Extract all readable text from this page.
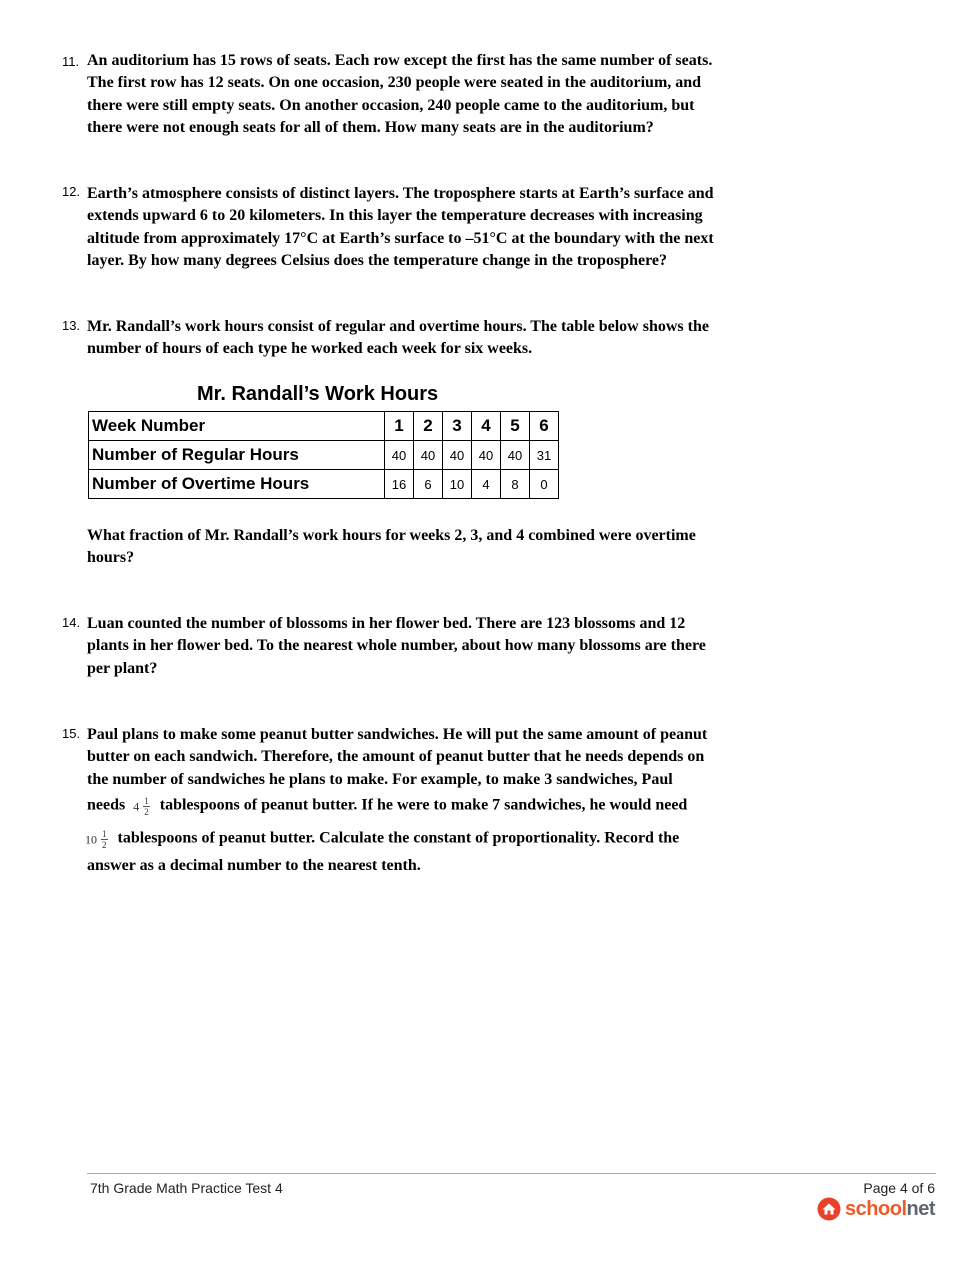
11. An auditorium has 15 rows of seats. Each row except the first has the same number of seats.
The first row has 12 seats. On one occasion, 230 people were seated in the auditorium, and
there were still empty seats. On another occasion, 240 people came to the auditorium, but
there were not enough seats for all of them. How many seats are in the auditorium?
12. Earth’s atmosphere consists of distinct layers. The troposphere starts at Earth’s surface and
extends upward 6 to 20 kilometers. In this layer the temperature decreases with increasing
altitude from approximately 17°C at Earth’s surface to –51°C at the boundary with the next
layer. By how many degrees Celsius does the temperature change in the troposphere?
13. Mr. Randall’s work hours consist of regular and overtime hours. The table below shows the
number of hours of each type he worked each week for six weeks.
Mr. Randall’s Work Hours
Week Number	1	2	3	4	5	6
Number of Regular Hours	40	40	40	40	40	31
Number of Overtime Hours	16	6	10	4	8	0
What fraction of Mr. Randall’s work hours for weeks 2, 3, and 4 combined were overtime
hours?
14. Luan counted the number of blossoms in her flower bed. There are 123 blossoms and 12
plants in her flower bed. To the nearest whole number, about how many blossoms are there
per plant?
15. Paul plans to make some peanut butter sandwiches. He will put the same amount of peanut
butter on each sandwich. Therefore, the amount of peanut butter that he needs depends on
the number of sandwiches he plans to make. For example, to make 3 sandwiches, Paul
needs $4 \frac{1}{2}$ tablespoons of peanut butter. If he were to make 7 sandwiches, he would need
$10 \frac{1}{2}$ tablespoons of peanut butter. Calculate the constant of proportionality. Record the
answer as a decimal number to the nearest tenth.
7th Grade Math Practice Test 4	Page 4 of 6
schoolnet
